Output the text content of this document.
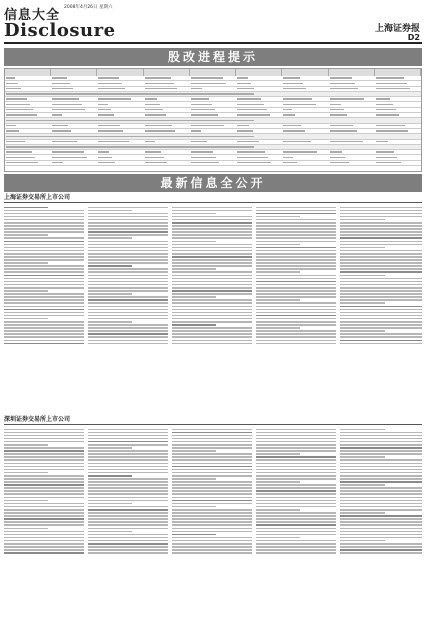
信息大全
2008年4月26日 星期六
Disclosure	上海证券报
D2
股改进程提示
最新信息全公开
上海证券交易所上市公司
深圳证券交易所上市公司
